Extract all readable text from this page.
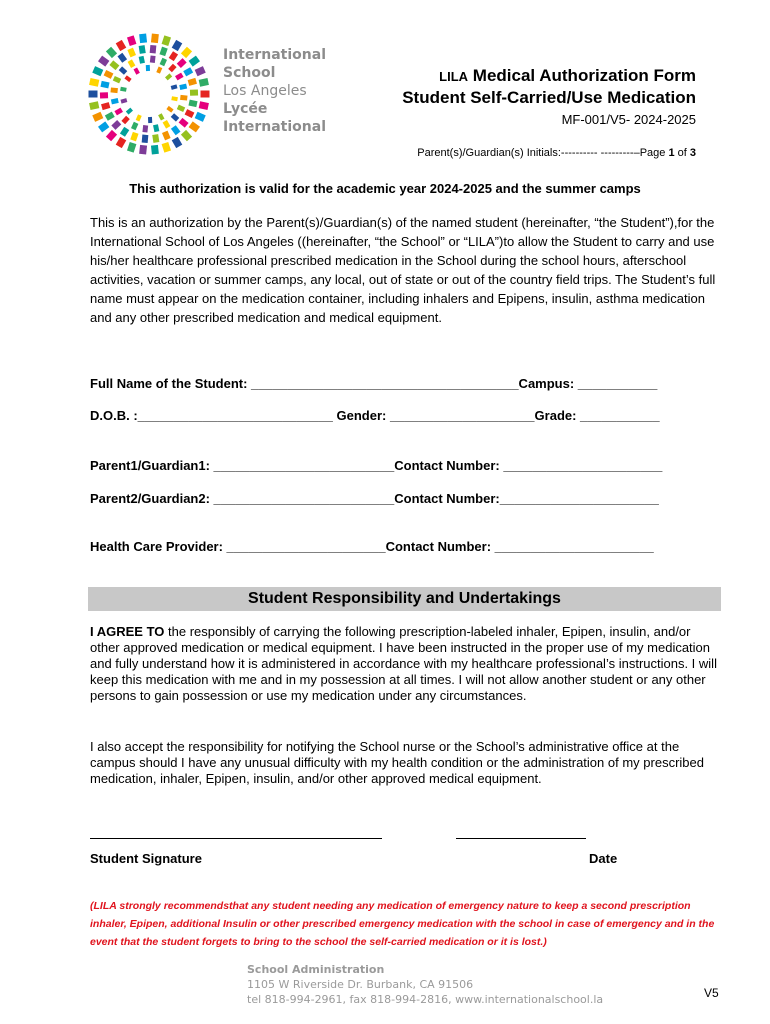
International
School
Los Angeles
Lycée
International
LILA Medical Authorization Form
Student Self-Carried/Use Medication
MF-001/V5- 2024-2025
Parent(s)/Guardian(s) Initials:---------- ---------–Page 1 of 3
This authorization is valid for the academic year 2024-2025 and the summer camps
This is an authorization by the Parent(s)/Guardian(s) of the named student (hereinafter, “the Student”),for the International School of Los Angeles ((hereinafter, “the School” or “LILA”)to allow the Student to carry and use his/her healthcare professional prescribed medication in the School during the school hours, afterschool activities, vacation or summer camps, any local, out of state or out of the country field trips. The Student’s full name must appear on the medication container, including inhalers and Epipens, insulin, asthma medication and any other prescribed medication and medical equipment.
Full Name of the Student: _____________________________________Campus: ___________
D.O.B. :___________________________ Gender: ____________________Grade: ___________
Parent1/Guardian1: _________________________Contact Number: ______________________
Parent2/Guardian2: _________________________Contact Number:______________________
Health Care Provider: ______________________Contact Number: ______________________
Student Responsibility and Undertakings
I AGREE TO the responsibly of carrying the following prescription-labeled inhaler, Epipen, insulin, and/or other approved medication or medical equipment. I have been instructed in the proper use of my medication and fully understand how it is administered in accordance with my healthcare professional’s instructions. I will keep this medication with me and in my possession at all times. I will not allow another student or any other persons to gain possession or use my medication under any circumstances.
I also accept the responsibility for notifying the School nurse or the School’s administrative office at the campus should I have any unusual difficulty with my health condition or the administration of my prescribed medication, inhaler, Epipen, insulin, and/or other approved medical equipment.
Student Signature	Date
(LILA strongly recommendsthat any student needing any medication of emergency nature to keep a second prescription inhaler, Epipen, additional Insulin or other prescribed emergency medication with the school in case of emergency and in the event that the student forgets to bring to the school the self-carried medication or it is lost.)
School Administration
1105 W Riverside Dr. Burbank, CA 91506
tel 818-994-2961, fax 818-994-2816, www.internationalschool.la	V5
